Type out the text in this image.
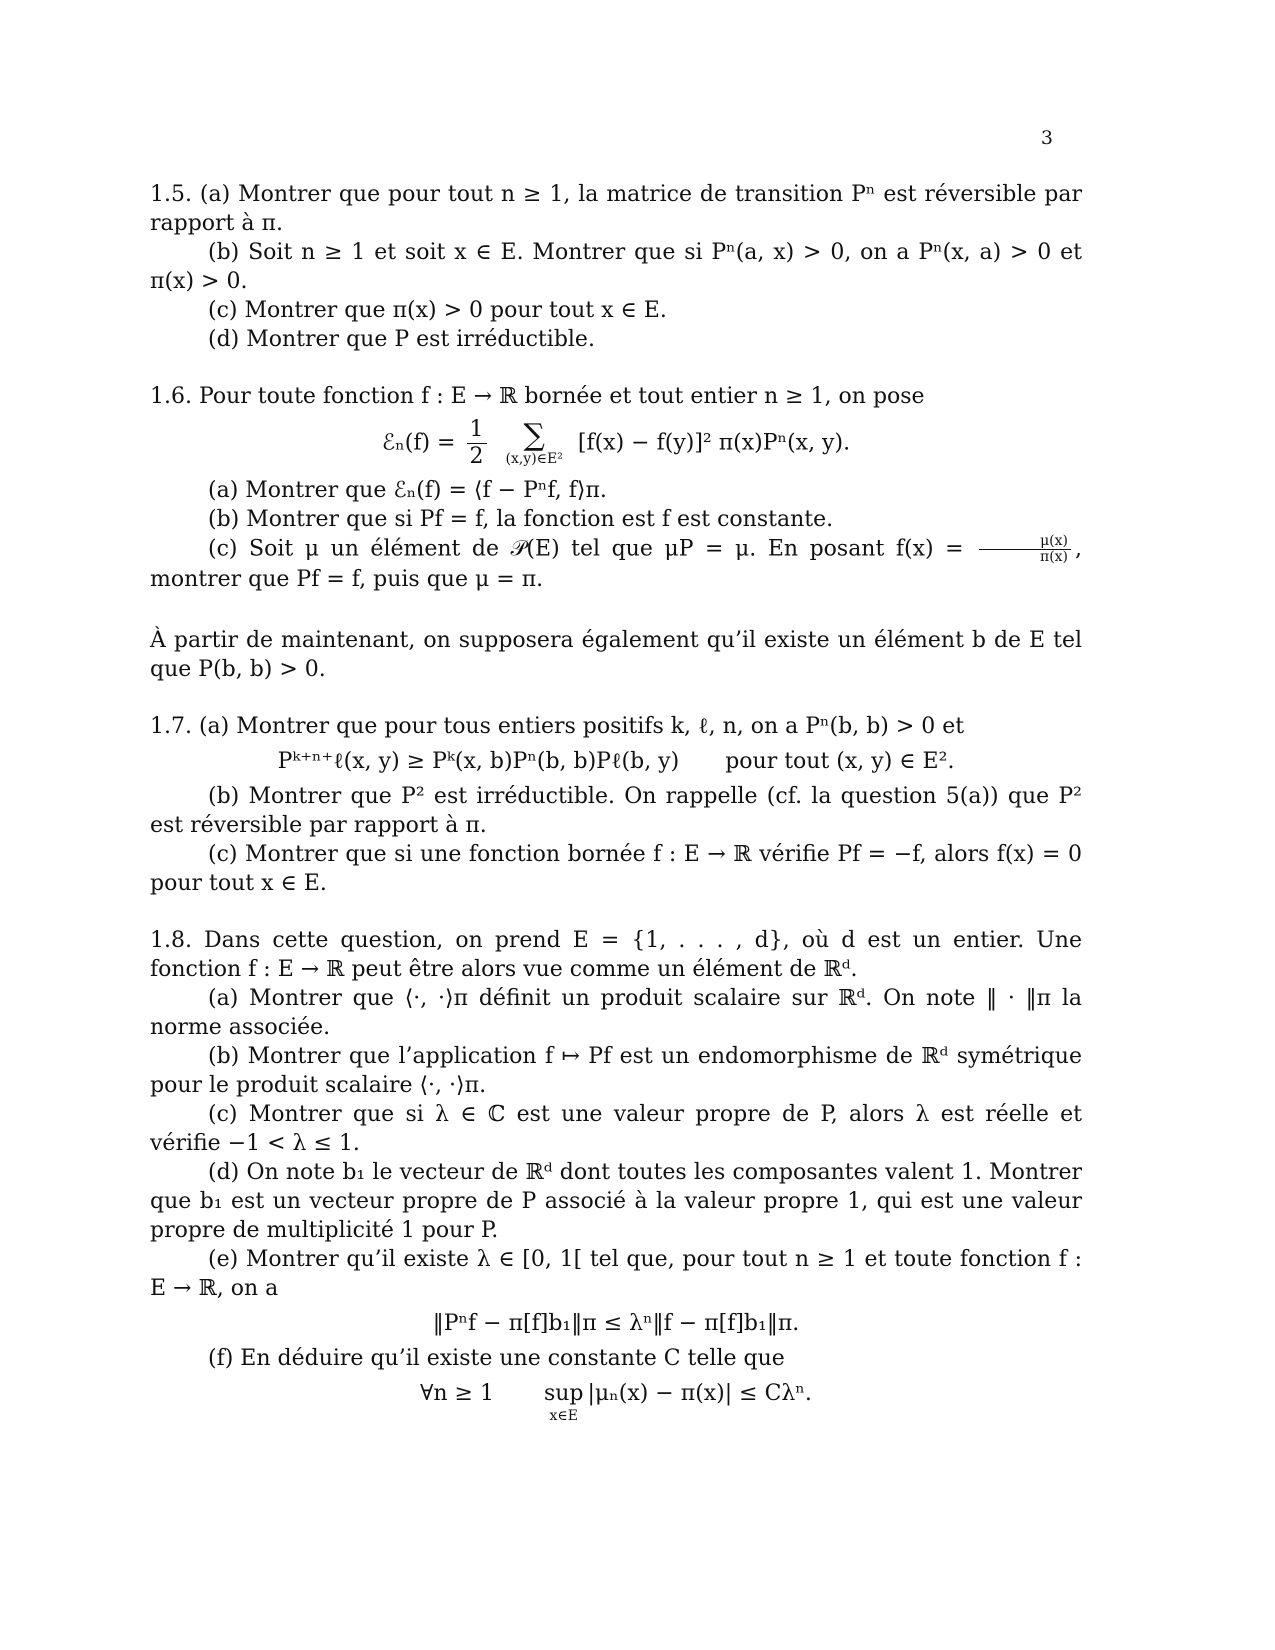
3

1.5. (a) Montrer que pour tout n ≥ 1, la matrice de transition Pⁿ est réversible par rapport à π.

(b) Soit n ≥ 1 et soit x ∈ E. Montrer que si Pⁿ(a, x) > 0, on a Pⁿ(x, a) > 0 et π(x) > 0.

(c) Montrer que π(x) > 0 pour tout x ∈ E.

(d) Montrer que P est irréductible.

1.6. Pour toute fonction f : E → ℝ bornée et tout entier n ≥ 1, on pose

ℰₙ(f) = $\frac{1}{2}$
∑
(x,y)∈E²
[f(x) − f(y)]² π(x)Pⁿ(x, y).

(a) Montrer que ℰₙ(f) = ⟨f − Pⁿf, f⟩π.

(b) Montrer que si Pf = f, la fonction est f est constante.

(c) Soit μ un élément de 𝒫(E) tel que μP = μ. En posant $f(x) = \frac{\mu(x)}{\pi(x)}$ , montrer que Pf = f, puis que μ = π.

À partir de maintenant, on supposera également qu’il existe un élément b de E tel que P(b, b) > 0.

1.7. (a) Montrer que pour tous entiers positifs k, ℓ, n, on a Pⁿ(b, b) > 0 et

Pᵏ⁺ⁿ⁺ℓ(x, y) ≥ Pᵏ(x, b)Pⁿ(b, b)Pℓ(b, y) pour tout (x, y) ∈ E².

(b) Montrer que P² est irréductible. On rappelle (cf. la question 5(a)) que P² est réversible par rapport à π.

(c) Montrer que si une fonction bornée f : E → ℝ vérifie Pf = −f, alors f(x) = 0 pour tout x ∈ E.

1.8. Dans cette question, on prend E = {1, . . . , d}, où d est un entier. Une fonction f : E → ℝ peut être alors vue comme un élément de ℝᵈ.

(a) Montrer que ⟨·, ·⟩π définit un produit scalaire sur ℝᵈ. On note ‖ · ‖π la norme associée.

(b) Montrer que l’application f ↦ Pf est un endomorphisme de ℝᵈ symétrique pour le produit scalaire ⟨·, ·⟩π.

(c) Montrer que si λ ∈ ℂ est une valeur propre de P, alors λ est réelle et vérifie −1 < λ ≤ 1.

(d) On note b₁ le vecteur de ℝᵈ dont toutes les composantes valent 1. Montrer que b₁ est un vecteur propre de P associé à la valeur propre 1, qui est une valeur propre de multiplicité 1 pour P.

(e) Montrer qu’il existe λ ∈ [0, 1[ tel que, pour tout n ≥ 1 et toute fonction f : E → ℝ, on a

‖Pⁿf − π[f]b₁‖π ≤ λⁿ‖f − π[f]b₁‖π.

(f) En déduire qu’il existe une constante C telle que

∀n ≥ 1 sup
x∈E
|μₙ(x) − π(x)| ≤ Cλⁿ.
